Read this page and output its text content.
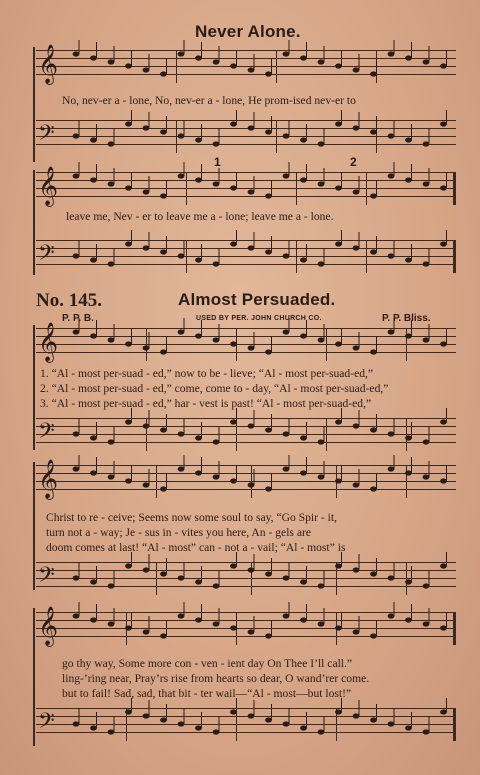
Never Alone.
𝄞
No, nev-er a - lone, No, nev-er a - lone, He prom-ised nev-er to
𝄢
1	2
𝄞
leave me, Nev - er to leave me a - lone; leave me a - lone.
𝄢
No. 145.	Almost Persuaded.
P. P. B.	USED BY PER. JOHN CHURCH CO.	P. P. Bliss.
𝄞
1. “Al - most per-suad - ed,” now to be - lieve; “Al - most per-suad-ed,”
2. “Al - most per-suad - ed,” come, come to - day, “Al - most per-suad-ed,”
3. “Al - most per-suad - ed,” har - vest is past! “Al - most per-suad-ed,”
𝄢
𝄞
Christ to re - ceive; Seems now some soul to say, “Go Spir - it,
turn not a - way; Je - sus in - vites you here, An - gels are
doom comes at last! “Al - most” can - not a - vail; “Al - most” is
𝄢
𝄞
go thy way, Some more con - ven - ient day On Thee I’ll call.”
ling-’ring near, Pray’rs rise from hearts so dear, O wand’rer come.
but to fail! Sad, sad, that bit - ter wail—“Al - most—but lost!”
𝄢
